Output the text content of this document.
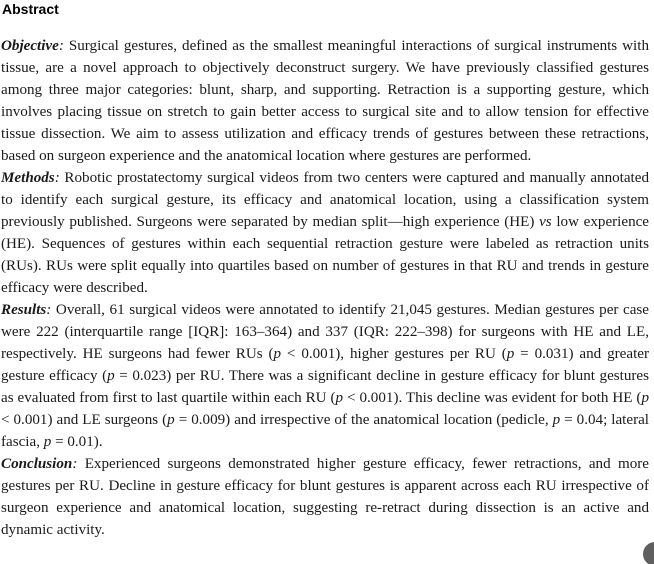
Abstract

Objective: Surgical gestures, defined as the smallest meaningful interactions of surgical instruments with tissue, are a novel approach to objectively deconstruct surgery. We have previously classified gestures among three major categories: blunt, sharp, and supporting. Retraction is a supporting gesture, which involves placing tissue on stretch to gain better access to surgical site and to allow tension for effective tissue dissection. We aim to assess utilization and efficacy trends of gestures between these retractions, based on surgeon experience and the anatomical location where gestures are performed.

Methods: Robotic prostatectomy surgical videos from two centers were captured and manually annotated to identify each surgical gesture, its efficacy and anatomical location, using a classification system previously published. Surgeons were separated by median split—high experience (HE) vs low experience (HE). Sequences of gestures within each sequential retraction gesture were labeled as retraction units (RUs). RUs were split equally into quartiles based on number of gestures in that RU and trends in gesture efficacy were described.

Results: Overall, 61 surgical videos were annotated to identify 21,045 gestures. Median gestures per case were 222 (interquartile range [IQR]: 163–364) and 337 (IQR: 222–398) for surgeons with HE and LE, respectively. HE surgeons had fewer RUs (p < 0.001), higher gestures per RU (p = 0.031) and greater gesture efficacy (p = 0.023) per RU. There was a significant decline in gesture efficacy for blunt gestures as evaluated from first to last quartile within each RU (p < 0.001). This decline was evident for both HE (p < 0.001) and LE surgeons (p = 0.009) and irrespective of the anatomical location (pedicle, p = 0.04; lateral fascia, p = 0.01).

Conclusion: Experienced surgeons demonstrated higher gesture efficacy, fewer retractions, and more gestures per RU. Decline in gesture efficacy for blunt gestures is apparent across each RU irrespective of surgeon experience and anatomical location, suggesting re-retract during dissection is an active and dynamic activity.
